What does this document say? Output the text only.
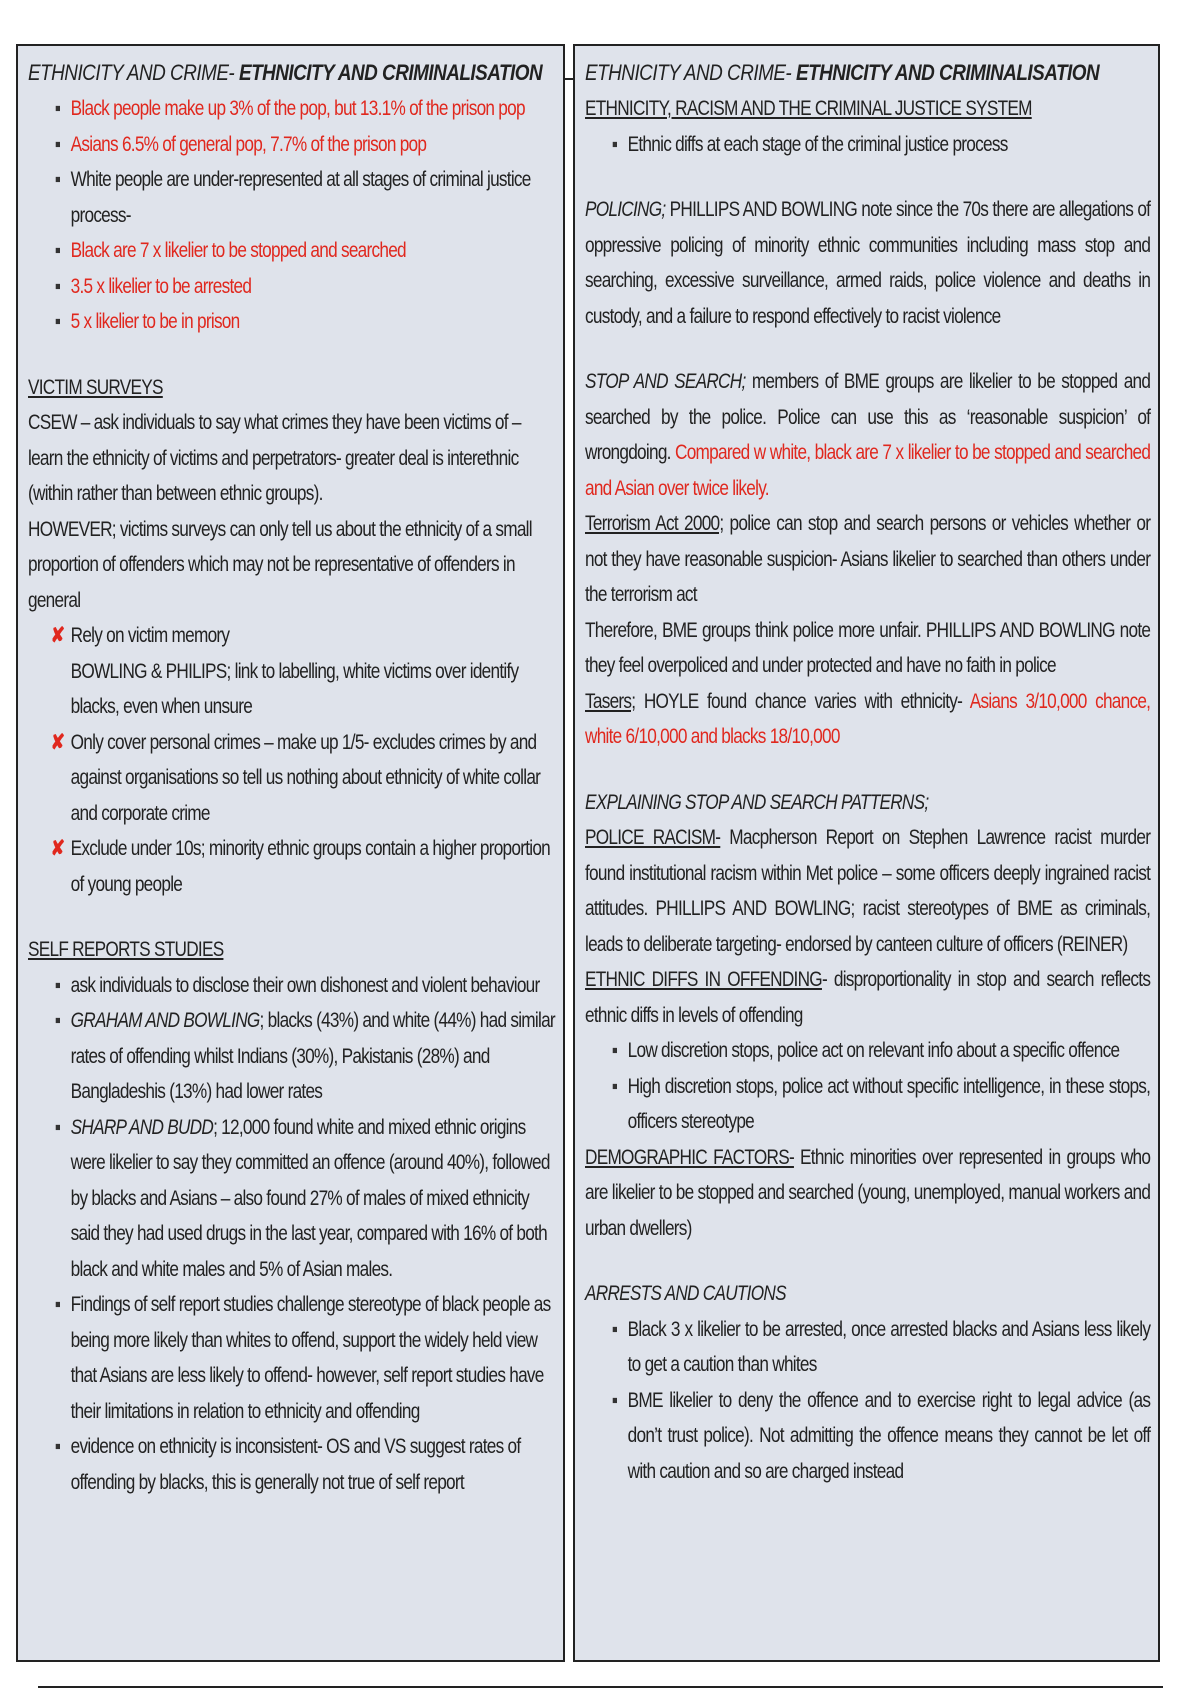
ETHNICITY AND CRIME- ETHNICITY AND CRIMINALISATION
▪ Black people make up 3% of the pop, but 13.1% of the prison pop
▪ Asians 6.5% of general pop, 7.7% of the prison pop
▪ White people are under-represented at all stages of criminal justice process-
▪ Black are 7 x likelier to be stopped and searched
▪ 3.5 x likelier to be arrested
▪ 5 x likelier to be in prison

VICTIM SURVEYS

CSEW – ask individuals to say what crimes they have been victims of – learn the ethnicity of victims and perpetrators- greater deal is interethnic (within rather than between ethnic groups).

HOWEVER; victims surveys can only tell us about the ethnicity of a small proportion of offenders which may not be representative of offenders in general

✘ Rely on victim memory
BOWLING & PHILIPS; link to labelling, white victims over identify blacks, even when unsure
✘ Only cover personal crimes – make up 1/5- excludes crimes by and against organisations so tell us nothing about ethnicity of white collar and corporate crime
✘ Exclude under 10s; minority ethnic groups contain a higher proportion of young people

SELF REPORTS STUDIES

▪ ask individuals to disclose their own dishonest and violent behaviour
▪ GRAHAM AND BOWLING; blacks (43%) and white (44%) had similar rates of offending whilst Indians (30%), Pakistanis (28%) and Bangladeshis (13%) had lower rates
▪ SHARP AND BUDD; 12,000 found white and mixed ethnic origins were likelier to say they committed an offence (around 40%), followed by blacks and Asians – also found 27% of males of mixed ethnicity said they had used drugs in the last year, compared with 16% of both black and white males and 5% of Asian males.
▪ Findings of self report studies challenge stereotype of black people as being more likely than whites to offend, support the widely held view that Asians are less likely to offend- however, self report studies have their limitations in relation to ethnicity and offending
▪ evidence on ethnicity is inconsistent- OS and VS suggest rates of offending by blacks, this is generally not true of self report
ETHNICITY AND CRIME- ETHNICITY AND CRIMINALISATION

ETHNICITY, RACISM AND THE CRIMINAL JUSTICE SYSTEM

▪ Ethnic diffs at each stage of the criminal justice process

POLICING; PHILLIPS AND BOWLING note since the 70s there are allegations of oppressive policing of minority ethnic communities including mass stop and searching, excessive surveillance, armed raids, police violence and deaths in custody, and a failure to respond effectively to racist violence

STOP AND SEARCH; members of BME groups are likelier to be stopped and searched by the police. Police can use this as ‘reasonable suspicion’ of wrongdoing. Compared w white, black are 7 x likelier to be stopped and searched and Asian over twice likely.

Terrorism Act 2000; police can stop and search persons or vehicles whether or not they have reasonable suspicion- Asians likelier to searched than others under the terrorism act

Therefore, BME groups think police more unfair. PHILLIPS AND BOWLING note they feel overpoliced and under protected and have no faith in police

Tasers; HOYLE found chance varies with ethnicity- Asians 3/10,000 chance, white 6/10,000 and blacks 18/10,000

EXPLAINING STOP AND SEARCH PATTERNS;

POLICE RACISM- Macpherson Report on Stephen Lawrence racist murder found institutional racism within Met police – some officers deeply ingrained racist attitudes. PHILLIPS AND BOWLING; racist stereotypes of BME as criminals, leads to deliberate targeting- endorsed by canteen culture of officers (REINER)

ETHNIC DIFFS IN OFFENDING- disproportionality in stop and search reflects ethnic diffs in levels of offending

▪ Low discretion stops, police act on relevant info about a specific offence
▪ High discretion stops, police act without specific intelligence, in these stops, officers stereotype

DEMOGRAPHIC FACTORS- Ethnic minorities over represented in groups who are likelier to be stopped and searched (young, unemployed, manual workers and urban dwellers)

ARRESTS AND CAUTIONS

▪ Black 3 x likelier to be arrested, once arrested blacks and Asians less likely to get a caution than whites
▪ BME likelier to deny the offence and to exercise right to legal advice (as don’t trust police). Not admitting the offence means they cannot be let off with caution and so are charged instead
